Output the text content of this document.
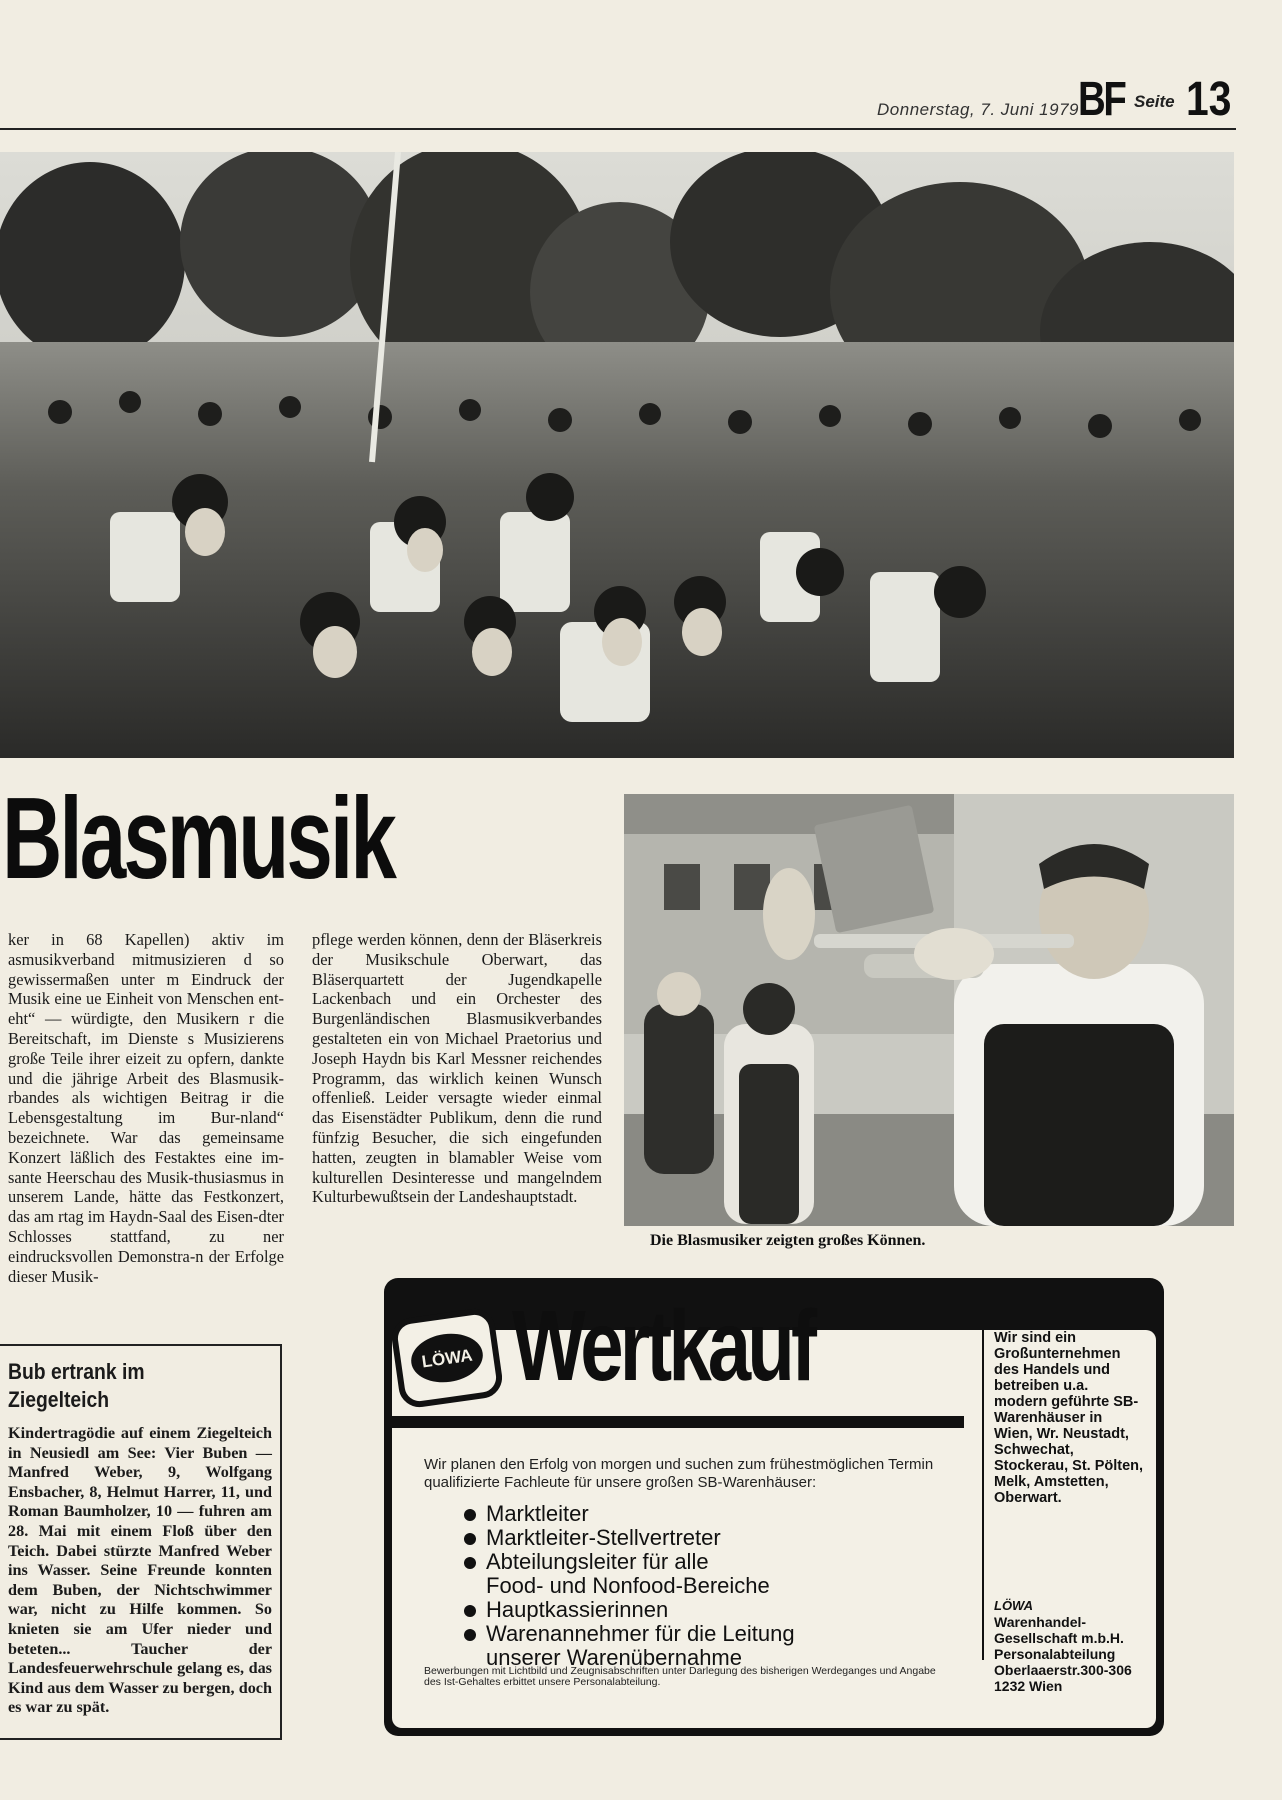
Donnerstag, 7. Juni 1979 BF Seite 13
Blasmusik

ker in 68 Kapellen) aktiv im asmusikverband mitmusizieren d so gewissermaßen unter m Eindruck der Musik eine ue Einheit von Menschen ent-eht“ — würdigte, den Musikern r die Bereitschaft, im Dienste s Musizierens große Teile ihrer eizeit zu opfern, dankte und die jährige Arbeit des Blasmusik-rbandes als wichtigen Beitrag ir die Lebensgestaltung im Bur-nland“ bezeichnete. War das gemeinsame Konzert läßlich des Festaktes eine im-sante Heerschau des Musik-thusiasmus in unserem Lande, hätte das Festkonzert, das am rtag im Haydn-Saal des Eisen-dter Schlosses stattfand, zu ner eindrucksvollen Demonstra-n der Erfolge dieser Musik-

pflege werden können, denn der Bläserkreis der Musikschule Oberwart, das Bläserquartett der Jugendkapelle Lackenbach und ein Orchester des Burgenländischen Blasmusikverbandes gestalteten ein von Michael Praetorius und Joseph Haydn bis Karl Messner reichendes Programm, das wirklich keinen Wunsch offenließ. Leider versagte wieder einmal das Eisenstädter Publikum, denn die rund fünfzig Besucher, die sich eingefunden hatten, zeugten in blamabler Weise vom kulturellen Desinteresse und mangelndem Kulturbewußtsein der Landeshauptstadt.

Die Blasmusiker zeigten großes Können.
Bub ertrank im
Ziegelteich
Kindertragödie auf einem Ziegelteich in Neusiedl am See: Vier Buben — Manfred Weber, 9, Wolfgang Ensbacher, 8, Helmut Harrer, 11, und Roman Baumholzer, 10 — fuhren am 28. Mai mit einem Floß über den Teich. Dabei stürzte Manfred Weber ins Wasser. Seine Freunde konnten dem Buben, der Nichtschwimmer war, nicht zu Hilfe kommen. So knieten sie am Ufer nieder und beteten... Taucher der Landesfeuerwehrschule gelang es, das Kind aus dem Wasser zu bergen, doch es war zu spät.
LÖWA Wertkauf
Wir planen den Erfolg von morgen und suchen zum frühestmöglichen Termin qualifizierte Fachleute für unsere großen SB-Warenhäuser:
Marktleiter
Marktleiter-Stellvertreter
Abteilungsleiter für alle
Food- und Nonfood-Bereiche
Hauptkassierinnen
Warenannehmer für die Leitung
unserer Warenübernahme
Bewerbungen mit Lichtbild und Zeugnisabschriften unter Darlegung des bisherigen Werdeganges und Angabe des Ist-Gehaltes erbittet unsere Personalabteilung.
Wir sind ein Großunternehmen des Handels und betreiben u.a. modern geführte SB-Warenhäuser in Wien, Wr. Neustadt, Schwechat, Stockerau, St. Pölten, Melk, Amstetten, Oberwart.
LÖWA
Warenhandel-
Gesellschaft m.b.H.
Personalabteilung
Oberlaaerstr.300-306
1232 Wien
